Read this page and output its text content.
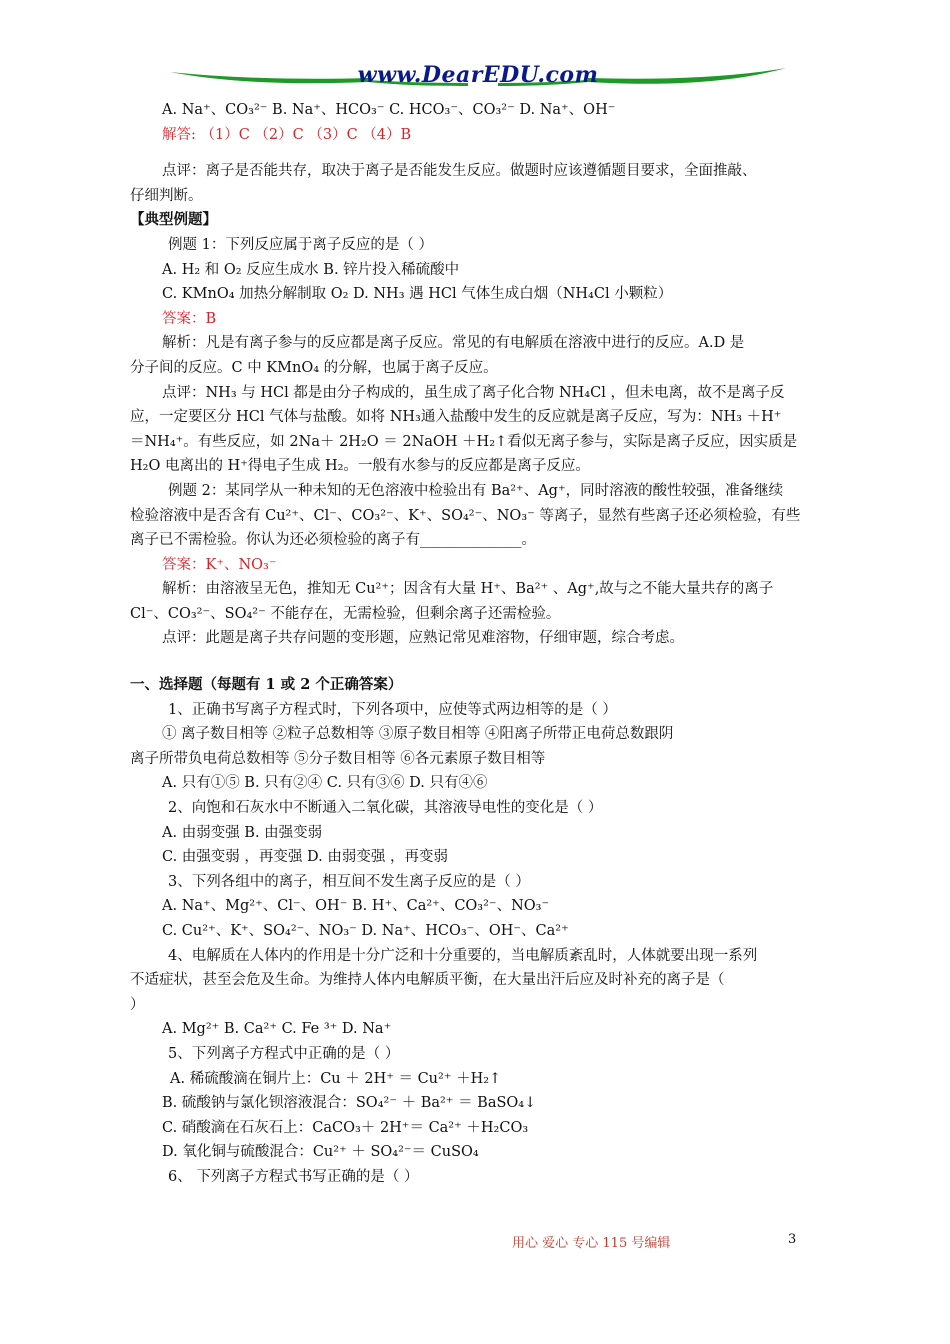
www.DearEDU.com
A. Na⁺、CO₃²⁻ B. Na⁺、HCO₃⁻ C. HCO₃⁻、CO₃²⁻ D. Na⁺、OH⁻
解答: （1）C （2）C （3）C （4）B
点评：离子是否能共存，取决于离子是否能发生反应。做题时应该遵循题目要求，全面推敲、
仔细判断。
【典型例题】
例题 1：下列反应属于离子反应的是（ ）
A. H₂ 和 O₂ 反应生成水 B. 锌片投入稀硫酸中
C. KMnO₄ 加热分解制取 O₂ D. NH₃ 遇 HCl 气体生成白烟（NH₄Cl 小颗粒）
答案：B
解析：凡是有离子参与的反应都是离子反应。常见的有电解质在溶液中进行的反应。A.D 是
分子间的反应。C 中 KMnO₄ 的分解，也属于离子反应。
点评：NH₃ 与 HCl 都是由分子构成的，虽生成了离子化合物 NH₄Cl ，但未电离，故不是离子反
应，一定要区分 HCl 气体与盐酸。如将 NH₃通入盐酸中发生的反应就是离子反应，写为：NH₃ ＋H⁺
＝NH₄⁺。有些反应，如 2Na＋ 2H₂O ＝ 2NaOH ＋H₂↑看似无离子参与，实际是离子反应，因实质是
H₂O 电离出的 H⁺得电子生成 H₂。一般有水参与的反应都是离子反应。
例题 2：某同学从一种未知的无色溶液中检验出有 Ba²⁺、Ag⁺，同时溶液的酸性较强，准备继续
检验溶液中是否含有 Cu²⁺、Cl⁻、CO₃²⁻、K⁺、SO₄²⁻、NO₃⁻ 等离子，显然有些离子还必须检验，有些
离子已不需检验。你认为还必须检验的离子有______________。
答案：K⁺、NO₃⁻
解析：由溶液呈无色，推知无 Cu²⁺；因含有大量 H⁺、Ba²⁺ 、Ag⁺,故与之不能大量共存的离子
Cl⁻、CO₃²⁻、SO₄²⁻ 不能存在，无需检验，但剩余离子还需检验。
点评：此题是离子共存问题的变形题，应熟记常见难溶物，仔细审题，综合考虑。
一、选择题（每题有 1 或 2 个正确答案）
1、正确书写离子方程式时，下列各项中，应使等式两边相等的是（ ）
① 离子数目相等 ②粒子总数相等 ③原子数目相等 ④阳离子所带正电荷总数跟阴
离子所带负电荷总数相等 ⑤分子数目相等 ⑥各元素原子数目相等
A. 只有①⑤ B. 只有②④ C. 只有③⑥ D. 只有④⑥
2、向饱和石灰水中不断通入二氧化碳，其溶液导电性的变化是（ ）
A. 由弱变强 B. 由强变弱
C. 由强变弱 ，再变强 D. 由弱变强 ，再变弱
3、下列各组中的离子，相互间不发生离子反应的是（ ）
A. Na⁺、Mg²⁺、Cl⁻、OH⁻ B. H⁺、Ca²⁺、CO₃²⁻、NO₃⁻
C. Cu²⁺、K⁺、SO₄²⁻、NO₃⁻ D. Na⁺、HCO₃⁻、OH⁻、Ca²⁺
4、电解质在人体内的作用是十分广泛和十分重要的，当电解质紊乱时，人体就要出现一系列
不适症状，甚至会危及生命。为维持人体内电解质平衡，在大量出汗后应及时补充的离子是（
）
A. Mg²⁺ B. Ca²⁺ C. Fe ³⁺ D. Na⁺
5、下列离子方程式中正确的是（ ）
A. 稀硫酸滴在铜片上：Cu ＋ 2H⁺ ＝ Cu²⁺ ＋H₂↑
B. 硫酸钠与氯化钡溶液混合：SO₄²⁻ ＋ Ba²⁺ ＝ BaSO₄↓
C. 硝酸滴在石灰石上：CaCO₃＋ 2H⁺＝ Ca²⁺ ＋H₂CO₃
D. 氧化铜与硫酸混合：Cu²⁺ ＋ SO₄²⁻＝ CuSO₄
6、 下列离子方程式书写正确的是（ ）
用心 爱心 专心 115 号编辑	3
